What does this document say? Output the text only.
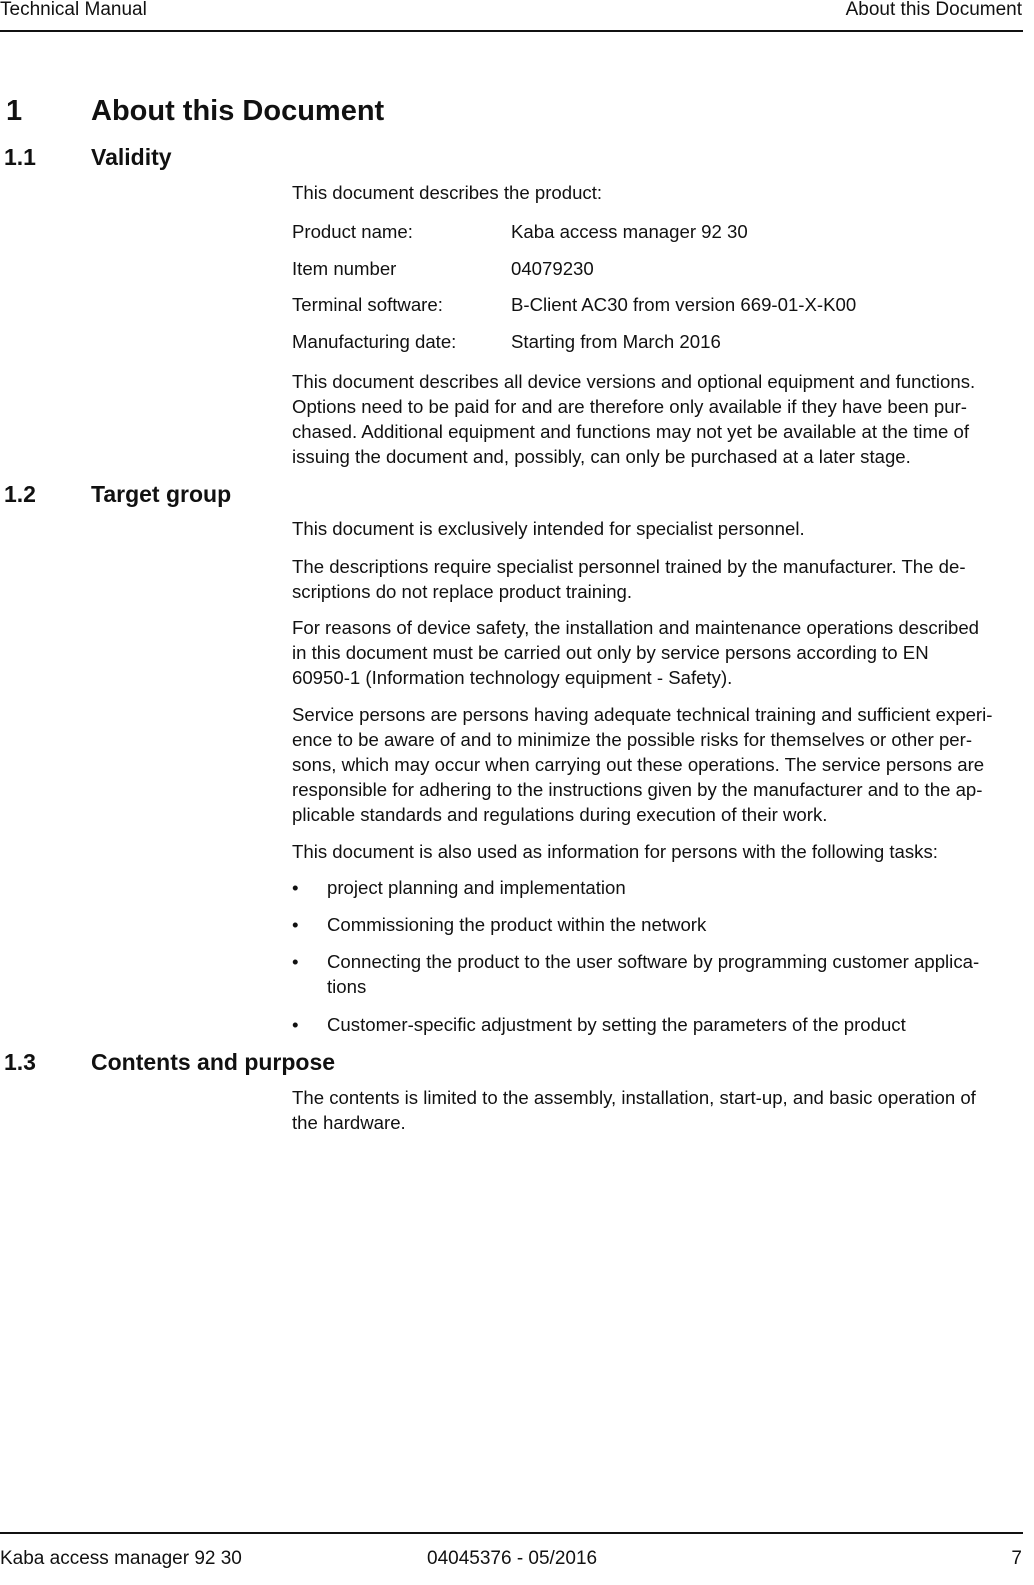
Technical Manual	About this Document
1 About this Document
1.1 Validity
This document describes the product:
Product name:	Kaba access manager 92 30
Item number	04079230
Terminal software:	B-Client AC30 from version 669-01-X-K00
Manufacturing date:	Starting from March 2016
This document describes all device versions and optional equipment and functions.
Options need to be paid for and are therefore only available if they have been pur-
chased. Additional equipment and functions may not yet be available at the time of
issuing the document and, possibly, can only be purchased at a later stage.
1.2 Target group
This document is exclusively intended for specialist personnel.
The descriptions require specialist personnel trained by the manufacturer. The de-
scriptions do not replace product training.
For reasons of device safety, the installation and maintenance operations described
in this document must be carried out only by service persons according to EN
60950-1 (Information technology equipment - Safety).
Service persons are persons having adequate technical training and sufficient experi-
ence to be aware of and to minimize the possible risks for themselves or other per-
sons, which may occur when carrying out these operations. The service persons are
responsible for adhering to the instructions given by the manufacturer and to the ap-
plicable standards and regulations during execution of their work.
This document is also used as information for persons with the following tasks:
• project planning and implementation
• Commissioning the product within the network
• Connecting the product to the user software by programming customer applica-
tions
• Customer-specific adjustment by setting the parameters of the product
1.3 Contents and purpose
The contents is limited to the assembly, installation, start-up, and basic operation of
the hardware.
Kaba access manager 92 30	04045376 - 05/2016	7
